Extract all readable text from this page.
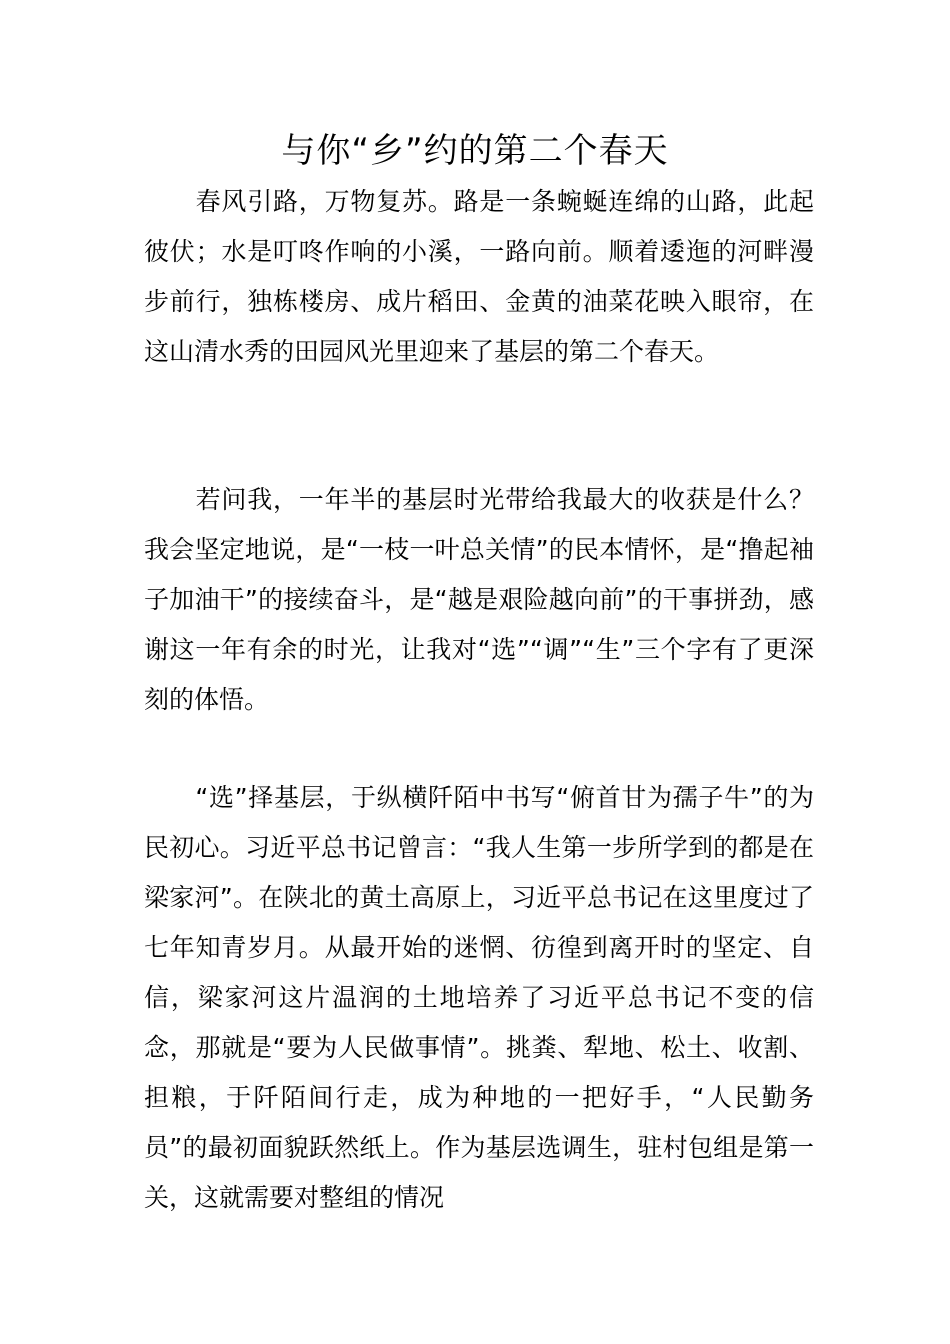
与你“乡”约的第二个春天

　　春风引路，万物复苏。路是一条蜿蜒连绵的山路，此起彼伏；水是叮咚作响的小溪，一路向前。顺着逶迤的河畔漫步前行，独栋楼房、成片稻田、金黄的油菜花映入眼帘，在这山清水秀的田园风光里迎来了基层的第二个春天。

　　若问我，一年半的基层时光带给我最大的收获是什么？我会坚定地说，是“一枝一叶总关情”的民本情怀，是“撸起袖子加油干”的接续奋斗，是“越是艰险越向前”的干事拼劲，感谢这一年有余的时光，让我对“选”“调”“生”三个字有了更深刻的体悟。

　　“选”择基层，于纵横阡陌中书写“俯首甘为孺子牛”的为民初心。习近平总书记曾言：“我人生第一步所学到的都是在梁家河”。在陕北的黄土高原上，习近平总书记在这里度过了七年知青岁月。从最开始的迷惘、彷徨到离开时的坚定、自信，梁家河这片温润的土地培养了习近平总书记不变的信念，那就是“要为人民做事情”。挑粪、犁地、松土、收割、担粮，于阡陌间行走，成为种地的一把好手，“人民勤务员”的最初面貌跃然纸上。作为基层选调生，驻村包组是第一关，这就需要对整组的情况
